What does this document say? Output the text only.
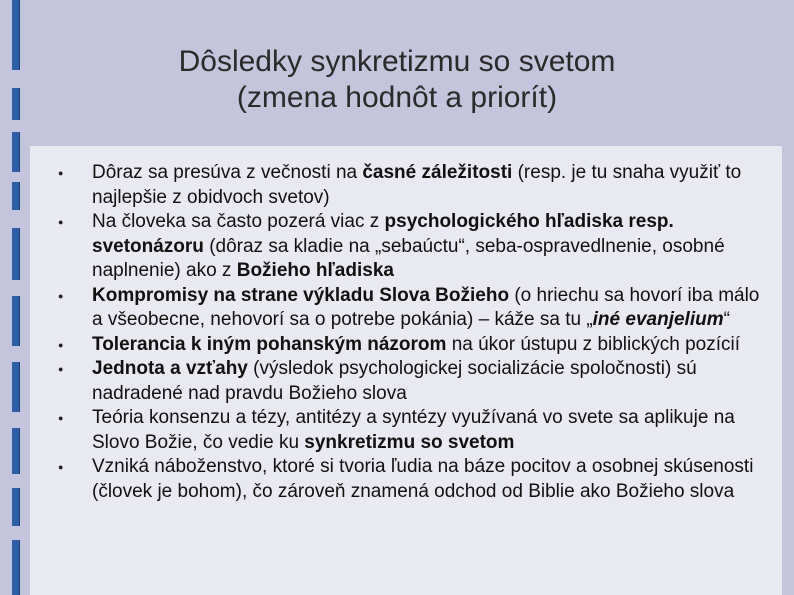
Dôsledky synkretizmu so svetom
(zmena hodnôt a priorít)
● Dôraz sa presúva z večnosti na časné záležitosti (resp. je tu snaha využiť to najlepšie z obidvoch svetov)
● Na človeka sa často pozerá viac z psychologického hľadiska resp. svetonázoru (dôraz sa kladie na „sebaúctu“, seba-ospravedlnenie, osobné naplnenie) ako z Božieho hľadiska
● Kompromisy na strane výkladu Slova Božieho (o hriechu sa hovorí iba málo a všeobecne, nehovorí sa o potrebe pokánia) – káže sa tu „iné evanjelium“
● Tolerancia k iným pohanským názorom na úkor ústupu z biblických pozícií
● Jednota a vzťahy (výsledok psychologickej socializácie spoločnosti) sú nadradené nad pravdu Božieho slova
● Teória konsenzu a tézy, antitézy a syntézy využívaná vo svete sa aplikuje na Slovo Božie, čo vedie ku synkretizmu so svetom
● Vzniká náboženstvo, ktoré si tvoria ľudia na báze pocitov a osobnej skúsenosti (človek je bohom), čo zároveň znamená odchod od Biblie ako Božieho slova
